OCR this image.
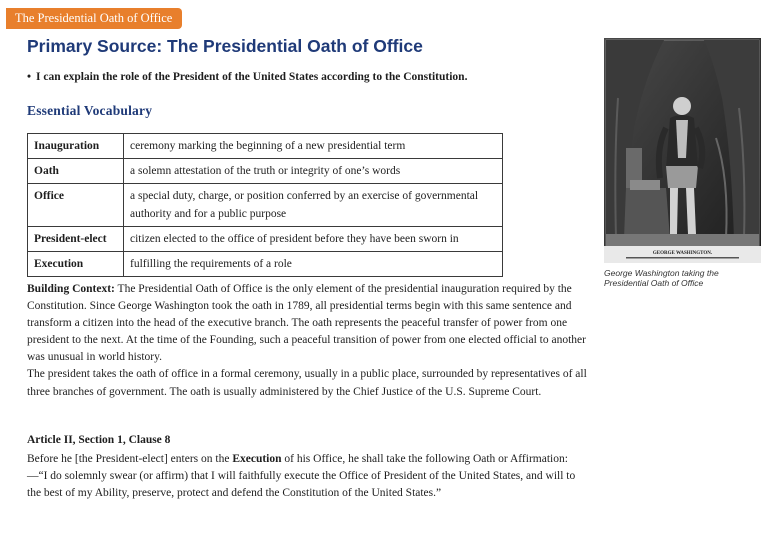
The Presidential Oath of Office
Primary Source: The Presidential Oath of Office
• I can explain the role of the President of the United States according to the Constitution.
Essential Vocabulary
Inauguration	ceremony marking the beginning of a new presidential term
Oath	a solemn attestation of the truth or integrity of one’s words
Office	a special duty, charge, or position conferred by an exercise of governmental authority and for a public purpose
President-elect	citizen elected to the office of president before they have been sworn in
Execution	fulfilling the requirements of a role
GEORGE WASHINGTON.
George Washington taking the Presidential Oath of Office

Building Context: The Presidential Oath of Office is the only element of the presidential inauguration required by the Constitution. Since George Washington took the oath in 1789, all presidential terms begin with this same sentence and transform a citizen into the head of the executive branch. The oath represents the peaceful transfer of power from one president to the next. At the time of the Founding, such a peaceful transition of power from one elected official to another was unusual in world history.

The president takes the oath of office in a formal ceremony, usually in a public place, surrounded by representatives of all three branches of government. The oath is usually administered by the Chief Justice of the U.S. Supreme Court.

Article II, Section 1, Clause 8

Before he [the President-elect] enters on the Execution of his Office, he shall take the following Oath or Affirmation:—“I do solemnly swear (or affirm) that I will faithfully execute the Office of President of the United States, and will to the best of my Ability, preserve, protect and defend the Constitution of the United States.”
